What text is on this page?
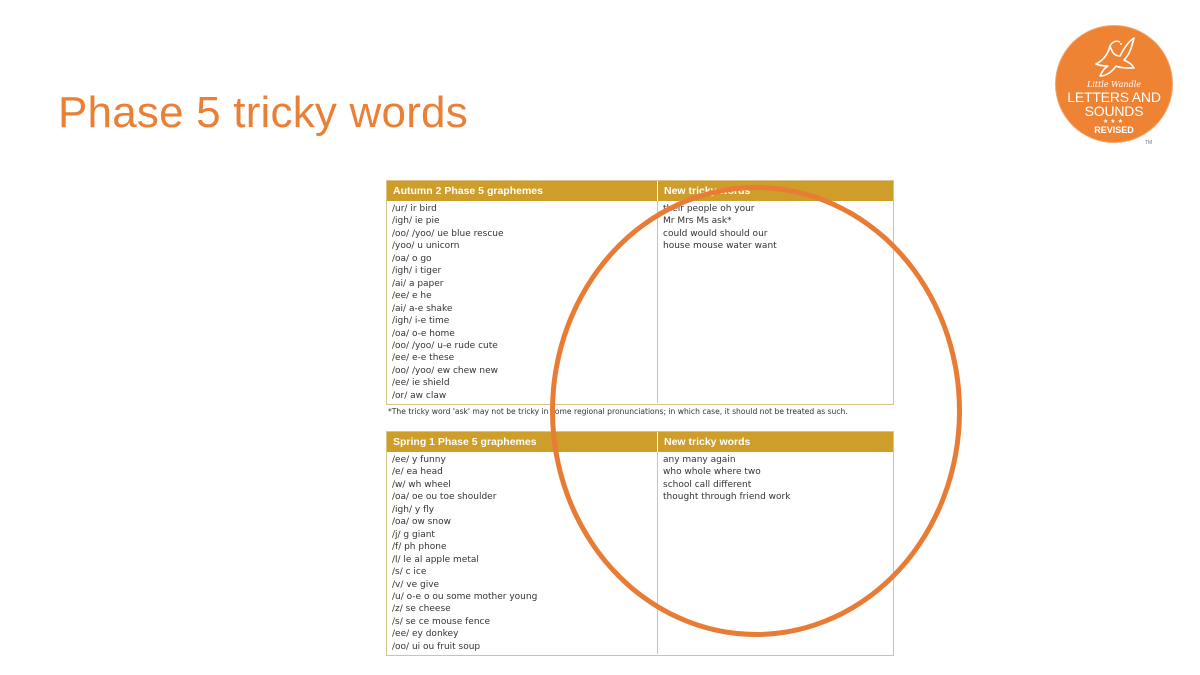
Phase 5 tricky words
Little Wandle
LETTERS AND
SOUNDS
★★★
REVISED
TM
Autumn 2 Phase 5 graphemes	New tricky words
/ur/ ir bird
/igh/ ie pie
/oo/ /yoo/ ue blue rescue
/yoo/ u unicorn
/oa/ o go
/igh/ i tiger
/ai/ a paper
/ee/ e he
/ai/ a-e shake
/igh/ i-e time
/oa/ o-e home
/oo/ /yoo/ u-e rude cute
/ee/ e-e these
/oo/ /yoo/ ew chew new
/ee/ ie shield
/or/ aw claw
their people oh your
Mr Mrs Ms ask*
could would should our
house mouse water want
*The tricky word 'ask' may not be tricky in some regional pronunciations; in which case, it should not be treated as such.
Spring 1 Phase 5 graphemes	New tricky words
/ee/ y funny
/e/ ea head
/w/ wh wheel
/oa/ oe ou toe shoulder
/igh/ y fly
/oa/ ow snow
/j/ g giant
/f/ ph phone
/l/ le al apple metal
/s/ c ice
/v/ ve give
/u/ o-e o ou some mother young
/z/ se cheese
/s/ se ce mouse fence
/ee/ ey donkey
/oo/ ui ou fruit soup
any many again
who whole where two
school call different
thought through friend work
